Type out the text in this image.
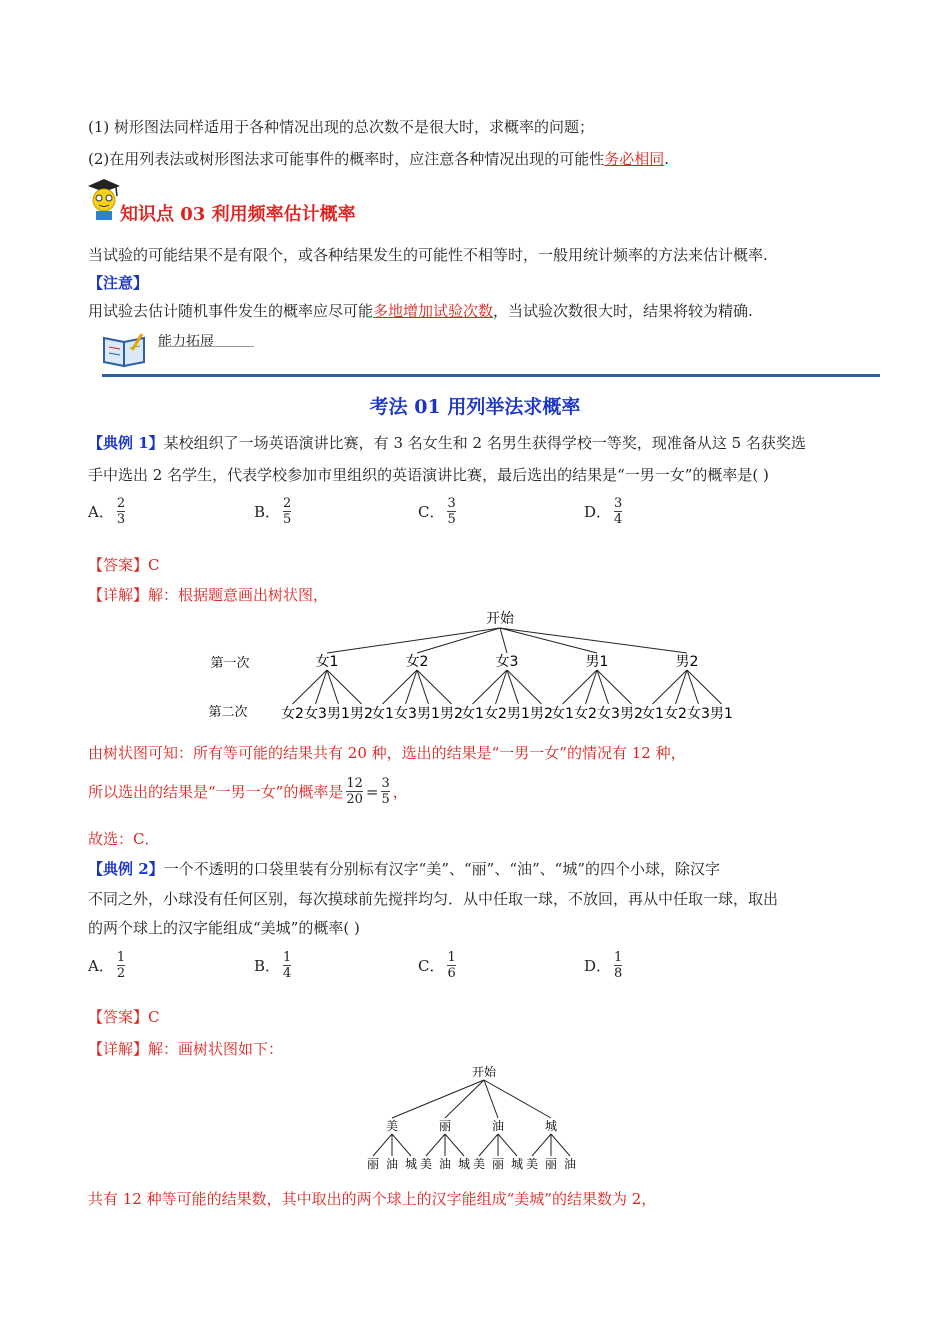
(1) 树形图法同样适用于各种情况出现的总次数不是很大时，求概率的问题；
(2)在用列表法或树形图法求可能事件的概率时，应注意各种情况出现的可能性务必相同.
知识点 03 利用频率估计概率
当试验的可能结果不是有限个，或各种结果发生的可能性不相等时，一般用统计频率的方法来估计概率.
【注意】
用试验去估计随机事件发生的概率应尽可能多地增加试验次数，当试验次数很大时，结果将较为精确.
能力拓展
考法 01 用列举法求概率
【典例 1】某校组织了一场英语演讲比赛，有 3 名女生和 2 名男生获得学校一等奖，现准备从这 5 名获奖选
手中选出 2 名学生，代表学校参加市里组织的英语演讲比赛，最后选出的结果是“一男一女”的概率是( )
A． $\frac{2}{3}$	B． $\frac{2}{5}$	C． $\frac{3}{5}$	D． $\frac{3}{4}$
【答案】C
【详解】解：根据题意画出树状图，
开始
第一次
第二次
女1
女2 女3 男1 男2
女2
女1 女3 男1 男2
女3
女1 女2 男1 男2
男1
女1 女2 女3 男2
男2
女1 女2 女3 男1
由树状图可知：所有等可能的结果共有 20 种，选出的结果是“一男一女”的情况有 12 种，
所以选出的结果是“一男一女”的概率是 $\frac{12}{20} = \frac{3}{5}$ ，
故选：C．
【典例 2】一个不透明的口袋里装有分别标有汉字“美”、“丽”、“油”、“城”的四个小球，除汉字
不同之外，小球没有任何区别，每次摸球前先搅拌均匀．从中任取一球，不放回，再从中任取一球，取出
的两个球上的汉字能组成“美城”的概率( )
A． $\frac{1}{2}$	B． $\frac{1}{4}$	C． $\frac{1}{6}$	D． $\frac{1}{8}$
【答案】C
【详解】解：画树状图如下：
开始
美
丽 油 城
丽
美 油 城
油
美 丽 城
城
美 丽 油
共有 12 种等可能的结果数，其中取出的两个球上的汉字能组成“美城”的结果数为 2，
